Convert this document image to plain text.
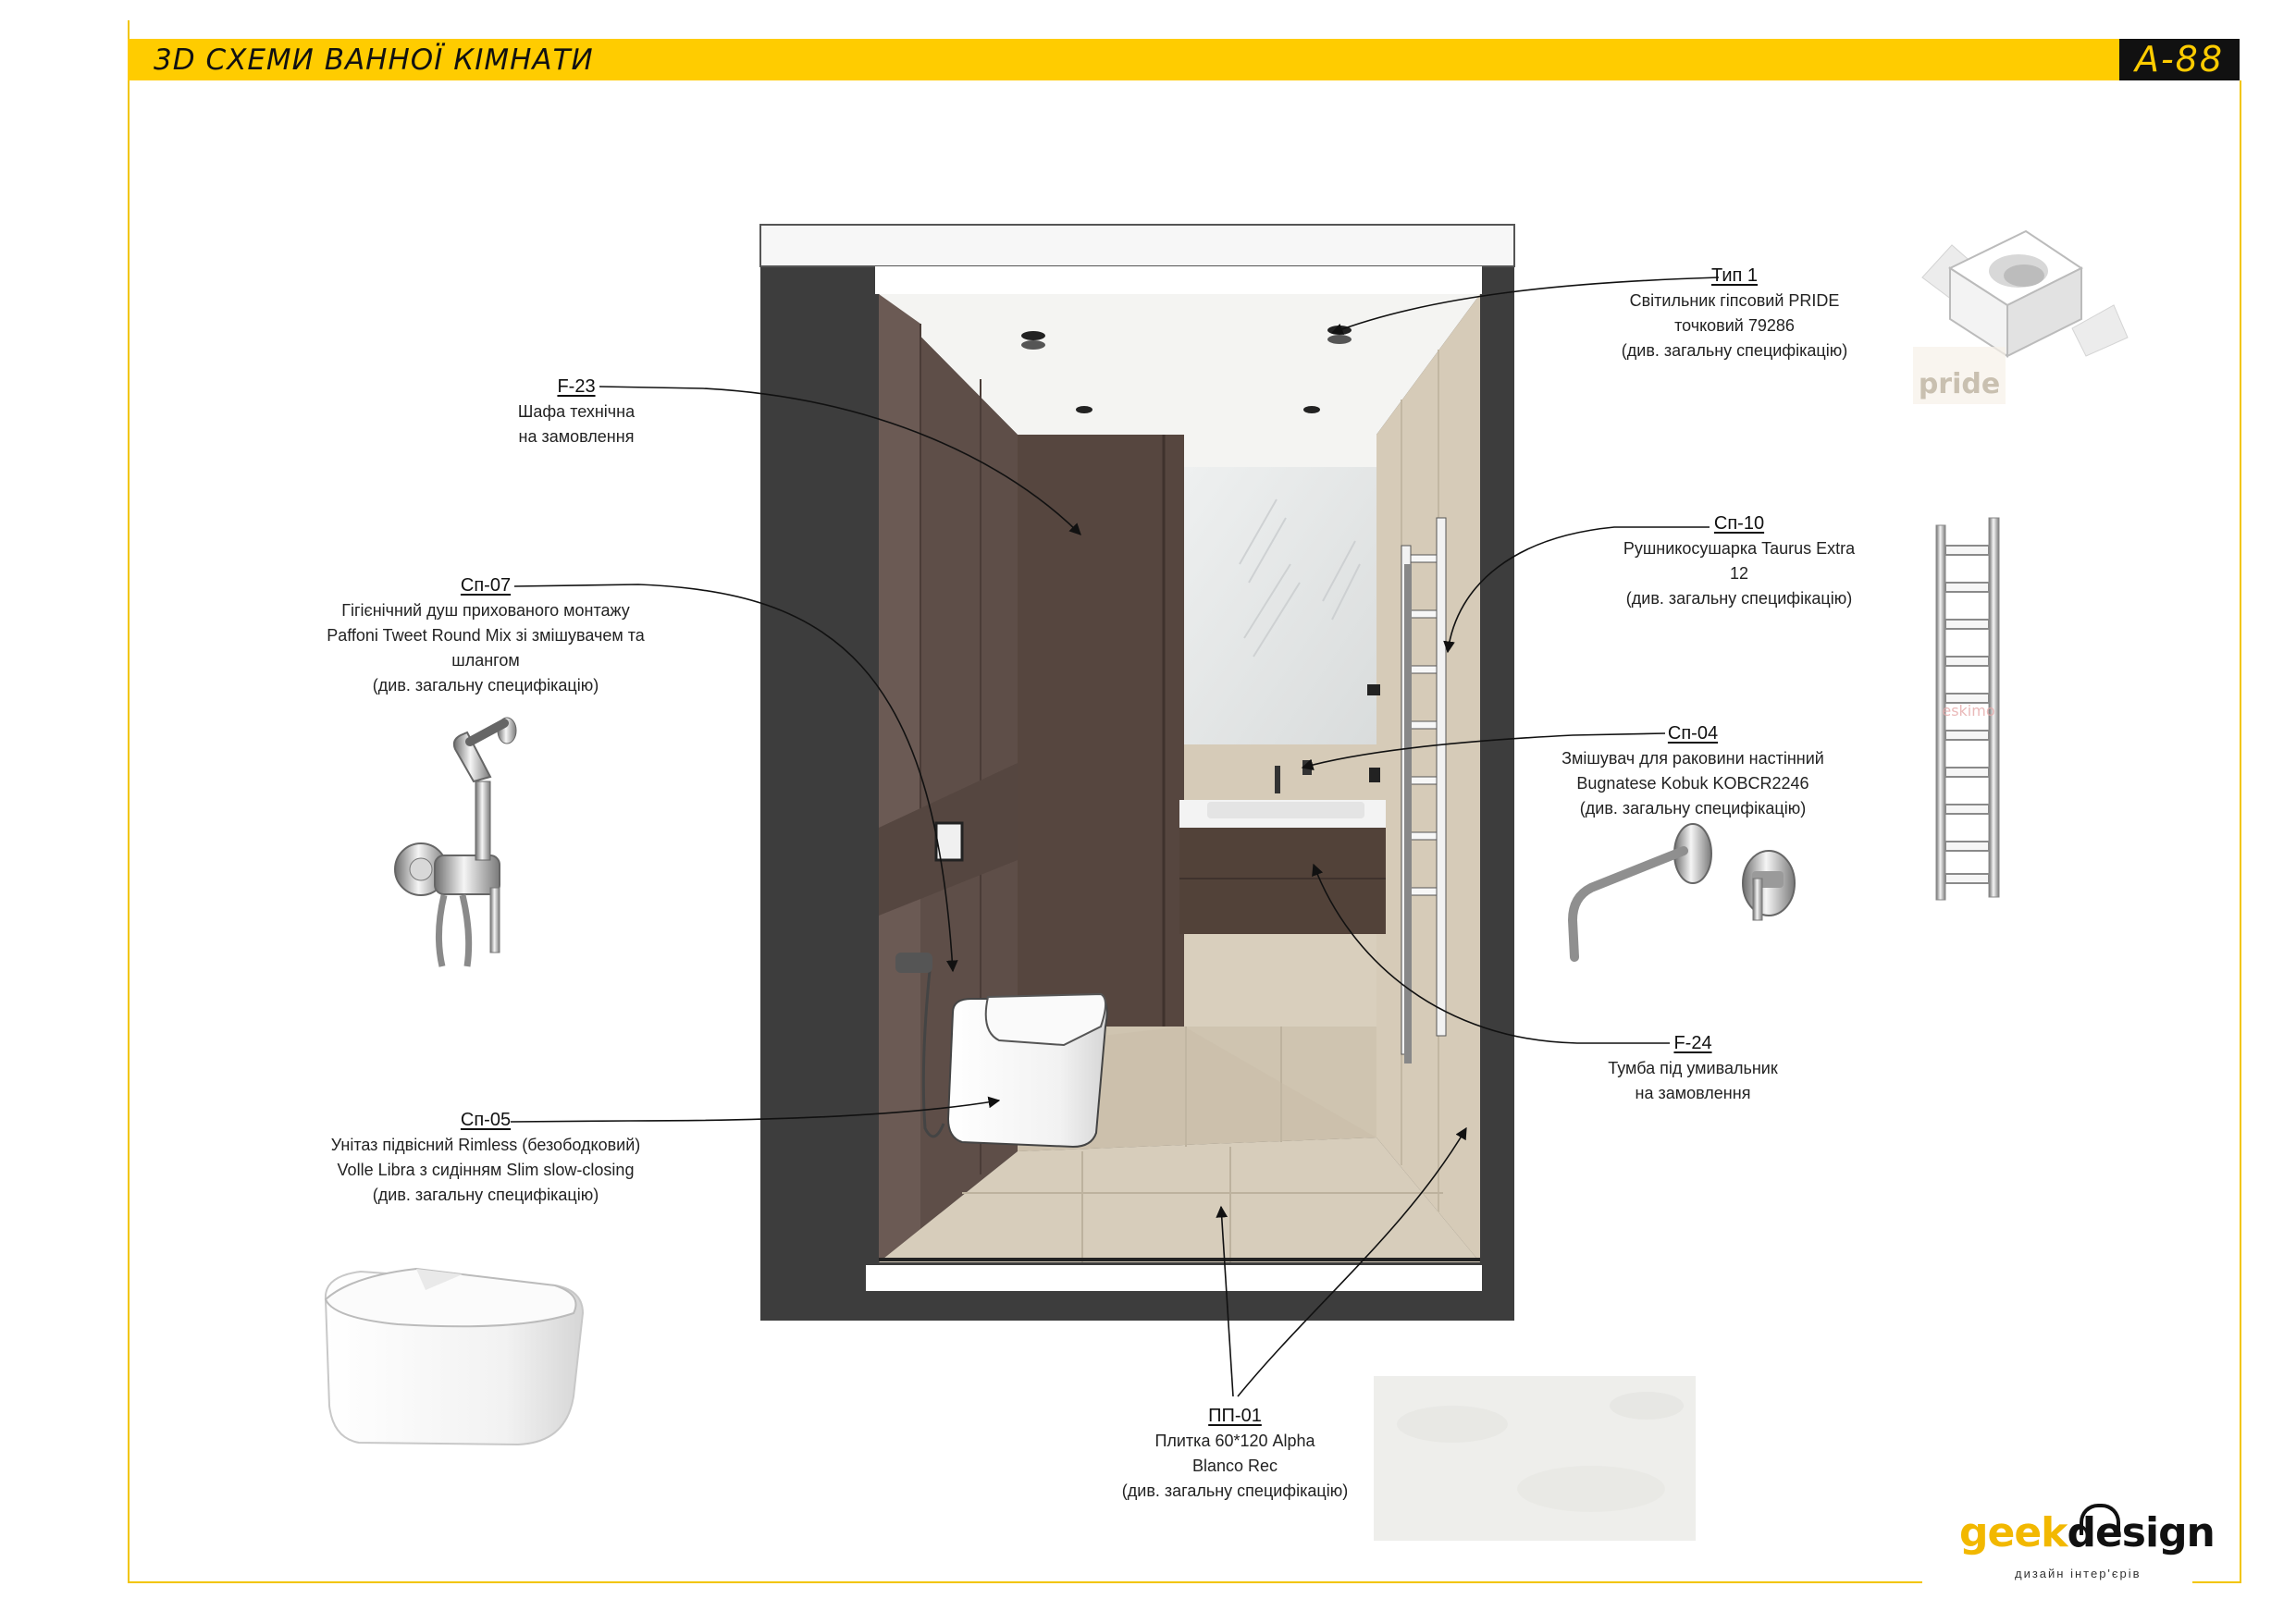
3D СХЕМИ ВАННОЇ КІМНАТИ	А-88
pride
eskimo
Тип 1
Світильник гіпсовий PRIDE
точковий 79286
(див. загальну специфікацію)
F-23
Шафа технічна
на замовлення
Сп-07
Гігієнічний душ прихованого монтажу
Paffoni Tweet Round Mix зі змішувачем та
шлангом
(див. загальну специфікацію)
Сп-10
Рушникосушарка Taurus Extra
12
(див. загальну специфікацію)
Сп-04
Змішувач для раковини настінний
Bugnatese Kobuk KOBCR2246
(див. загальну специфікацію)
F-24
Тумба під умивальник
на замовлення
Сп-05
Унітаз підвісний Rimless (безободковий)
Volle Libra з сидінням Slim slow-closing
(див. загальну специфікацію)
ПП-01
Плитка 60*120 Alpha
Blanco Rec
(див. загальну специфікацію)
geekdesign
дизайн інтер'єрів
